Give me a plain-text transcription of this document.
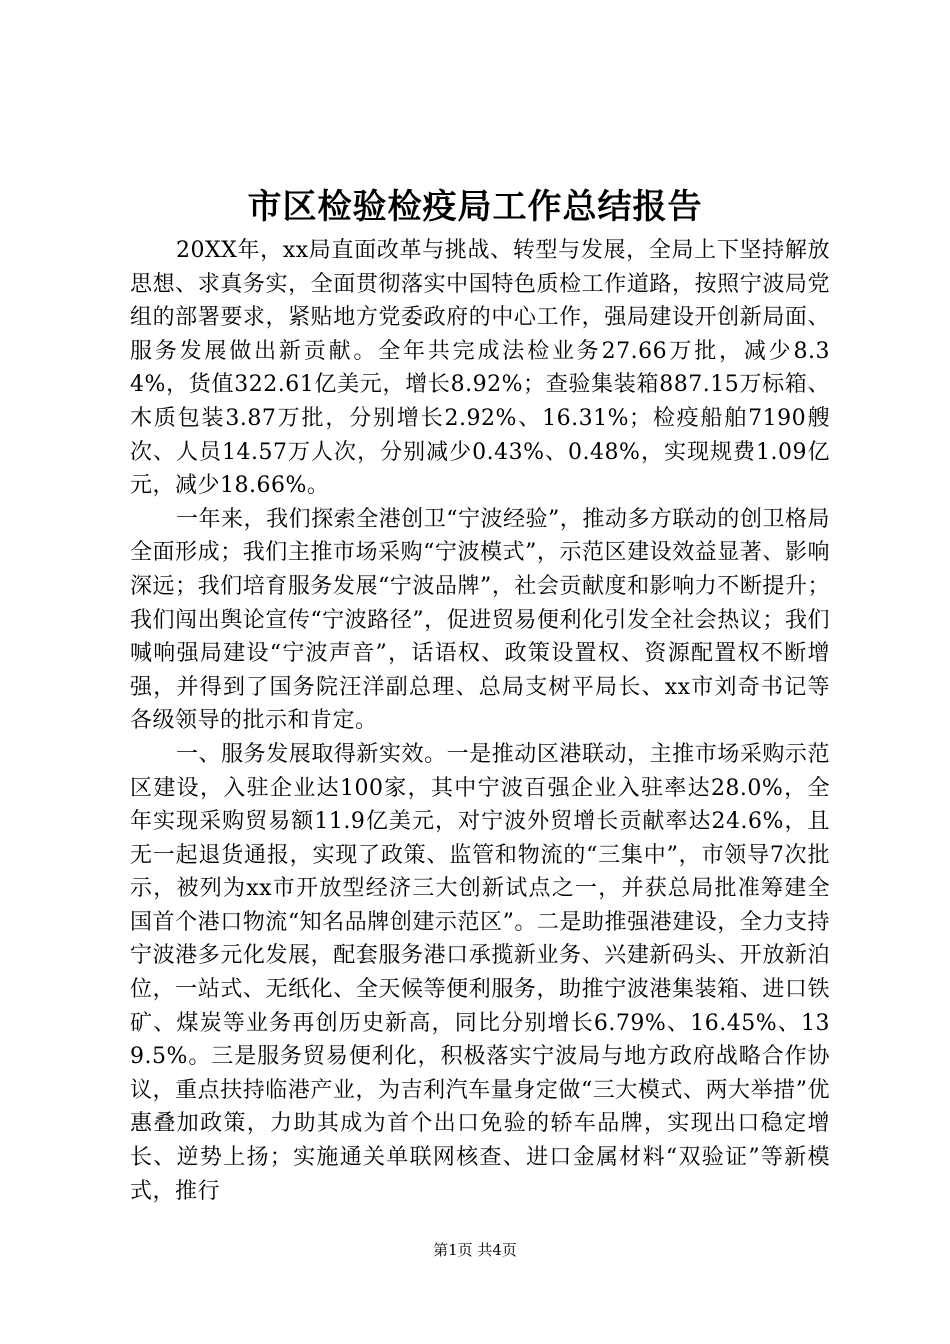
市区检验检疫局工作总结报告

20XX年，xx局直面改革与挑战、转型与发展，全局上下坚持解放思想、求真务实，全面贯彻落实中国特色质检工作道路，按照宁波局党组的部署要求，紧贴地方党委政府的中心工作，强局建设开创新局面、服务发展做出新贡献。全年共完成法检业务27.66万批，减少8.34%，货值322.61亿美元，增长8.92%；查验集装箱887.15万标箱、木质包装3.87万批，分别增长2.92%、16.31%；检疫船舶7190艘次、人员14.57万人次，分别减少0.43%、0.48%，实现规费1.09亿元，减少18.66%。

一年来，我们探索全港创卫“宁波经验”，推动多方联动的创卫格局全面形成；我们主推市场采购“宁波模式”，示范区建设效益显著、影响深远；我们培育服务发展“宁波品牌”，社会贡献度和影响力不断提升；我们闯出舆论宣传“宁波路径”，促进贸易便利化引发全社会热议；我们喊响强局建设“宁波声音”，话语权、政策设置权、资源配置权不断增强，并得到了国务院汪洋副总理、总局支树平局长、xx市刘奇书记等各级领导的批示和肯定。

一、服务发展取得新实效。一是推动区港联动，主推市场采购示范区建设，入驻企业达100家，其中宁波百强企业入驻率达28.0%，全年实现采购贸易额11.9亿美元，对宁波外贸增长贡献率达24.6%，且无一起退货通报，实现了政策、监管和物流的“三集中”，市领导7次批示，被列为xx市开放型经济三大创新试点之一，并获总局批准筹建全国首个港口物流“知名品牌创建示范区”。二是助推强港建设，全力支持宁波港多元化发展，配套服务港口承揽新业务、兴建新码头、开放新泊位，一站式、无纸化、全天候等便利服务，助推宁波港集装箱、进口铁矿、煤炭等业务再创历史新高，同比分别增长6.79%、16.45%、139.5%。三是服务贸易便利化，积极落实宁波局与地方政府战略合作协议，重点扶持临港产业，为吉利汽车量身定做“三大模式、两大举措”优惠叠加政策，力助其成为首个出口免验的轿车品牌，实现出口稳定增长、逆势上扬；实施通关单联网核查、进口金属材料“双验证”等新模式，推行

第1页 共4页
